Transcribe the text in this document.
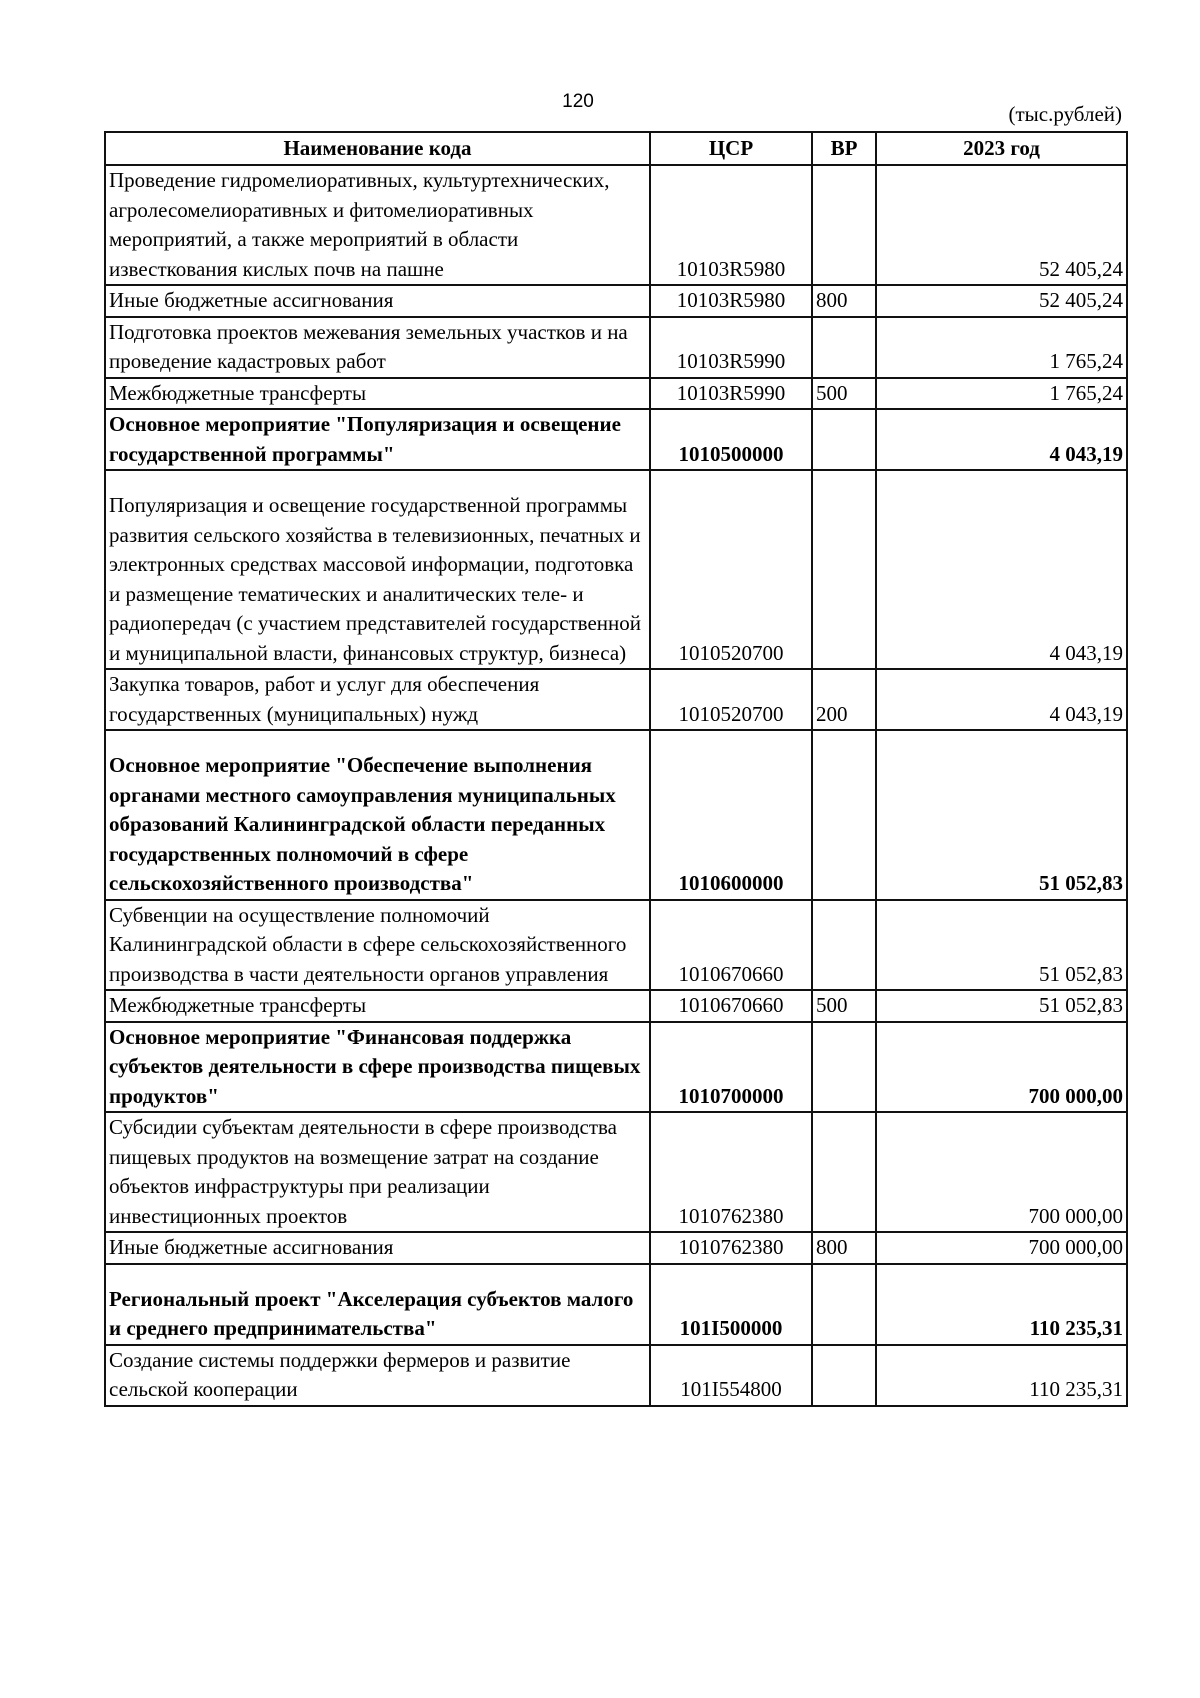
120
(тыс.рублей)
Наименование кода	ЦСР	ВР	2023 год
Проведение гидромелиоративных, культуртехнических, агролесомелиоративных и фитомелиоративных мероприятий, а также мероприятий в области известкования кислых почв на пашне	10103R5980		52 405,24
Иные бюджетные ассигнования	10103R5980	800	52 405,24
Подготовка проектов межевания земельных участков и на проведение кадастровых работ	10103R5990		1 765,24
Межбюджетные трансферты	10103R5990	500	1 765,24
Основное мероприятие "Популяризация и освещение государственной программы"	1010500000		4 043,19
Популяризация и освещение государственной программы развития сельского хозяйства в телевизионных, печатных и электронных средствах массовой информации, подготовка и размещение тематических и аналитических теле- и радиопередач (с участием представителей государственной и муниципальной власти, финансовых структур, бизнеса)	1010520700		4 043,19
Закупка товаров, работ и услуг для обеспечения государственных (муниципальных) нужд	1010520700	200	4 043,19
Основное мероприятие "Обеспечение выполнения органами местного самоуправления муниципальных образований Калининградской области переданных государственных полномочий в сфере сельскохозяйственного производства"	1010600000		51 052,83
Субвенции на осуществление полномочий Калининградской области в сфере сельскохозяйственного производства в части деятельности органов управления	1010670660		51 052,83
Межбюджетные трансферты	1010670660	500	51 052,83
Основное мероприятие "Финансовая поддержка субъектов деятельности в сфере производства пищевых продуктов"	1010700000		700 000,00
Субсидии субъектам деятельности в сфере производства пищевых продуктов на возмещение затрат на создание объектов инфраструктуры при реализации инвестиционных проектов	1010762380		700 000,00
Иные бюджетные ассигнования	1010762380	800	700 000,00
Региональный проект "Акселерация субъектов малого и среднего предпринимательства"	101I500000		110 235,31
Создание системы поддержки фермеров и развитие сельской кооперации	101I554800		110 235,31
